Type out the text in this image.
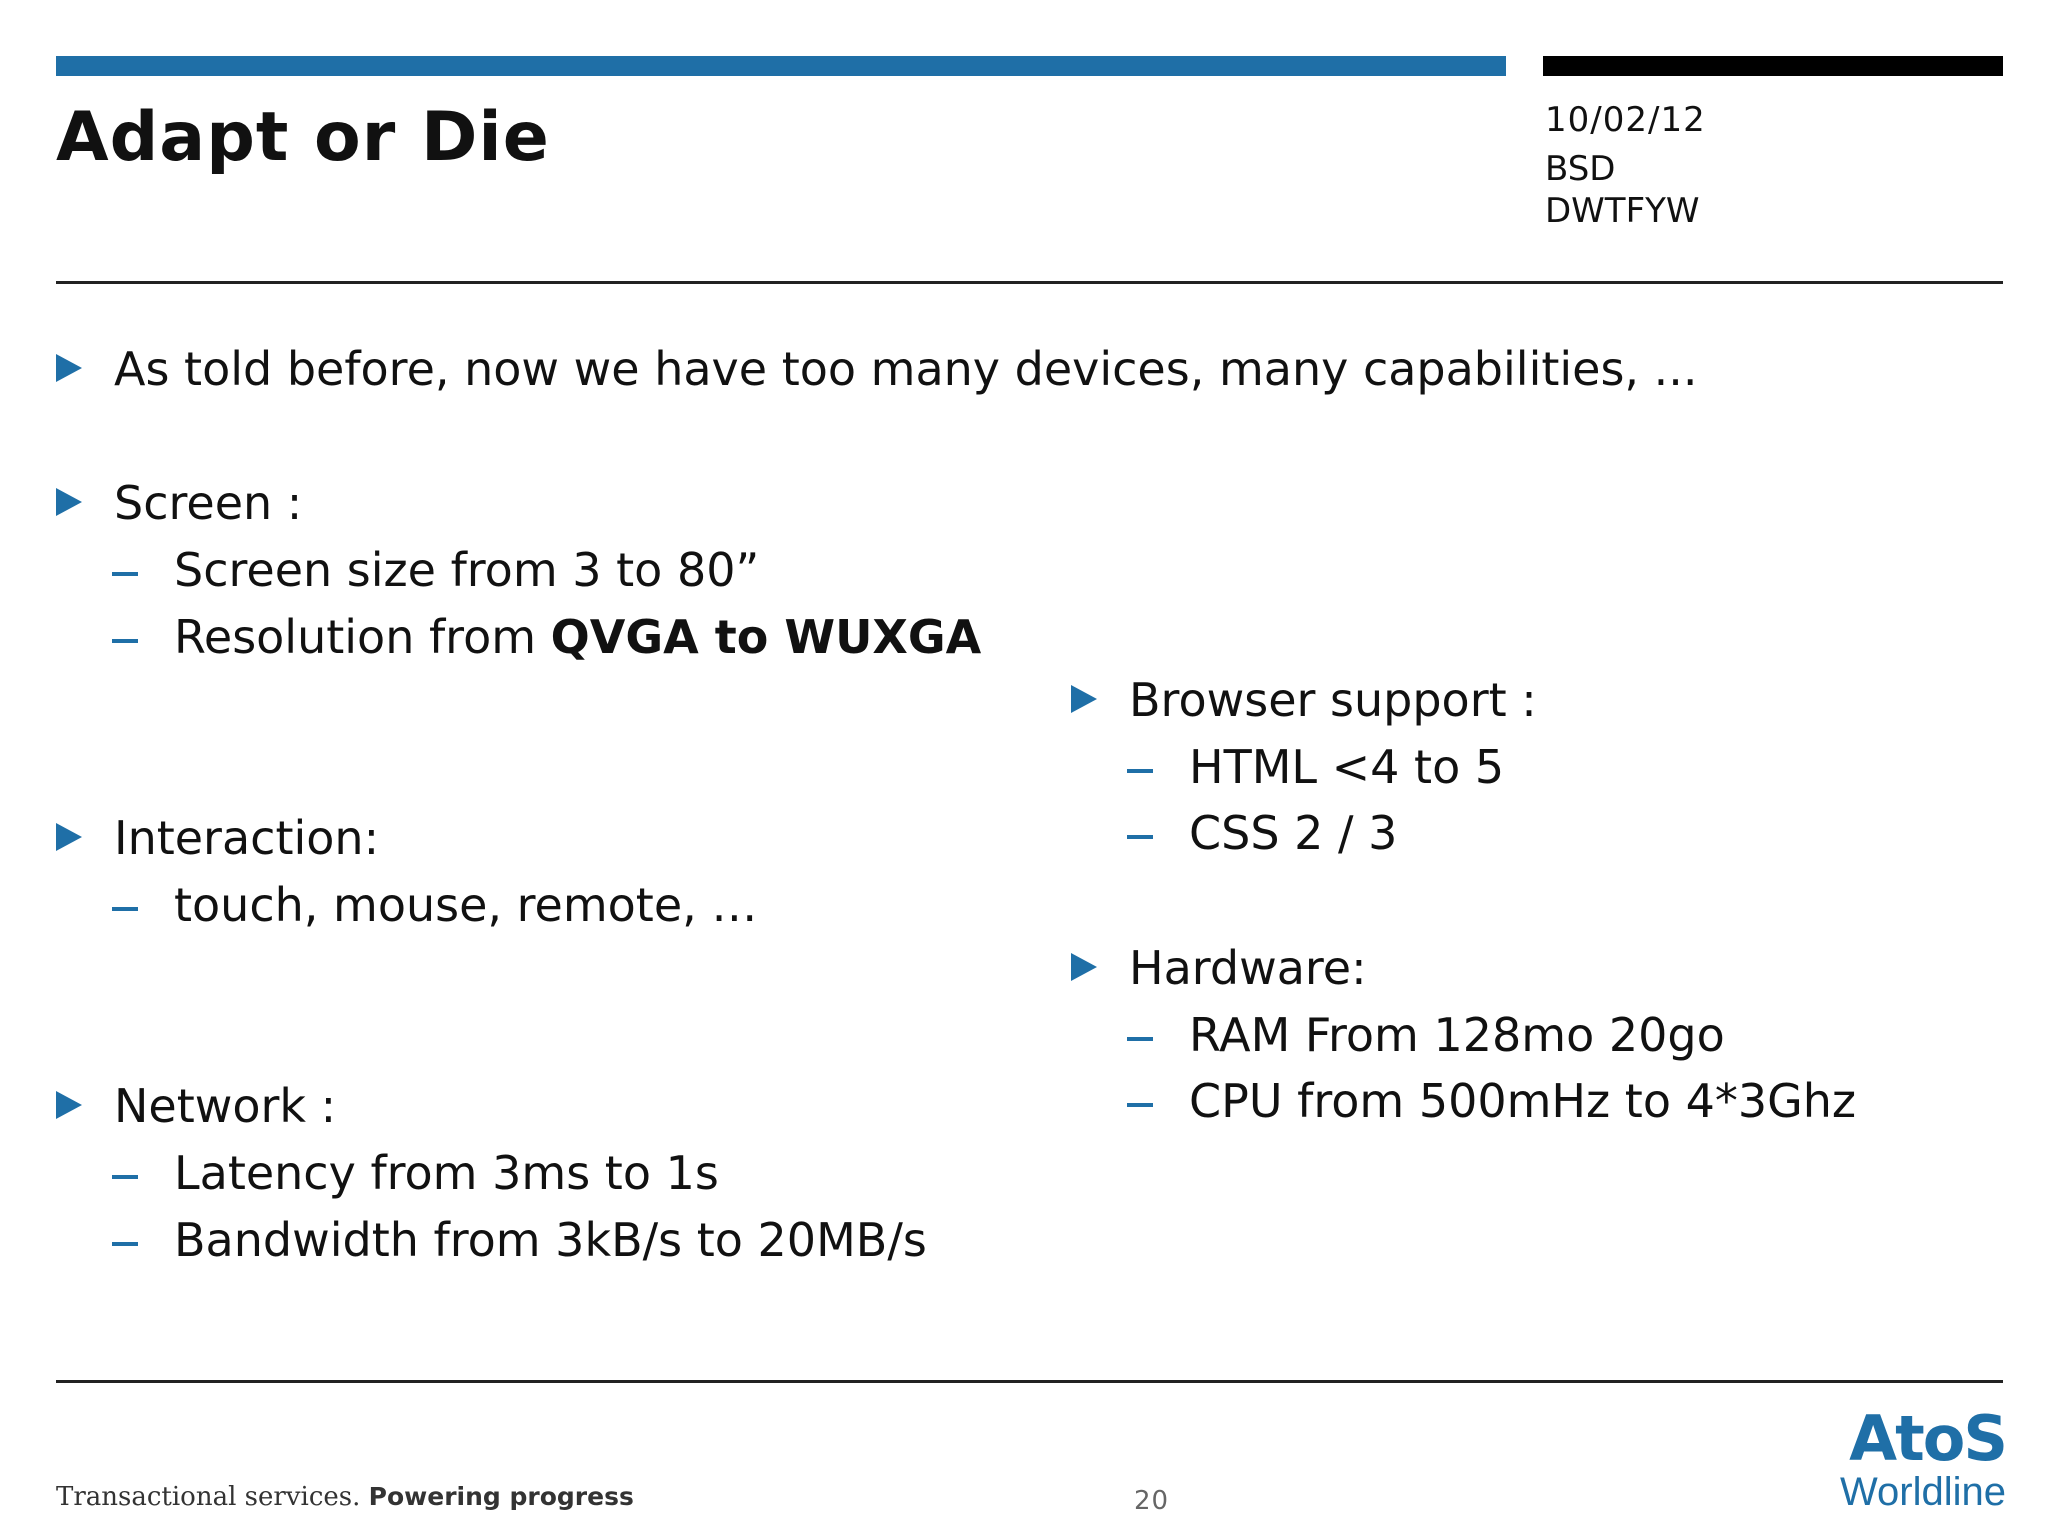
Adapt or Die	10/02/12
BSD
DWTFYW
As told before, now we have too many devices, many capabilities, ...
Screen :
Screen size from 3 to 80”
Resolution from QVGA to WUXGA
Interaction:
touch, mouse, remote, …
Network :
Latency from 3ms to 1s
Bandwidth from 3kB/s to 20MB/s
Browser support :
HTML <4 to 5
CSS 2 / 3
Hardware:
RAM From 128mo 20go
CPU from 500mHz to 4*3Ghz
Transactional services. Powering progress	20
AtoS
Worldline
